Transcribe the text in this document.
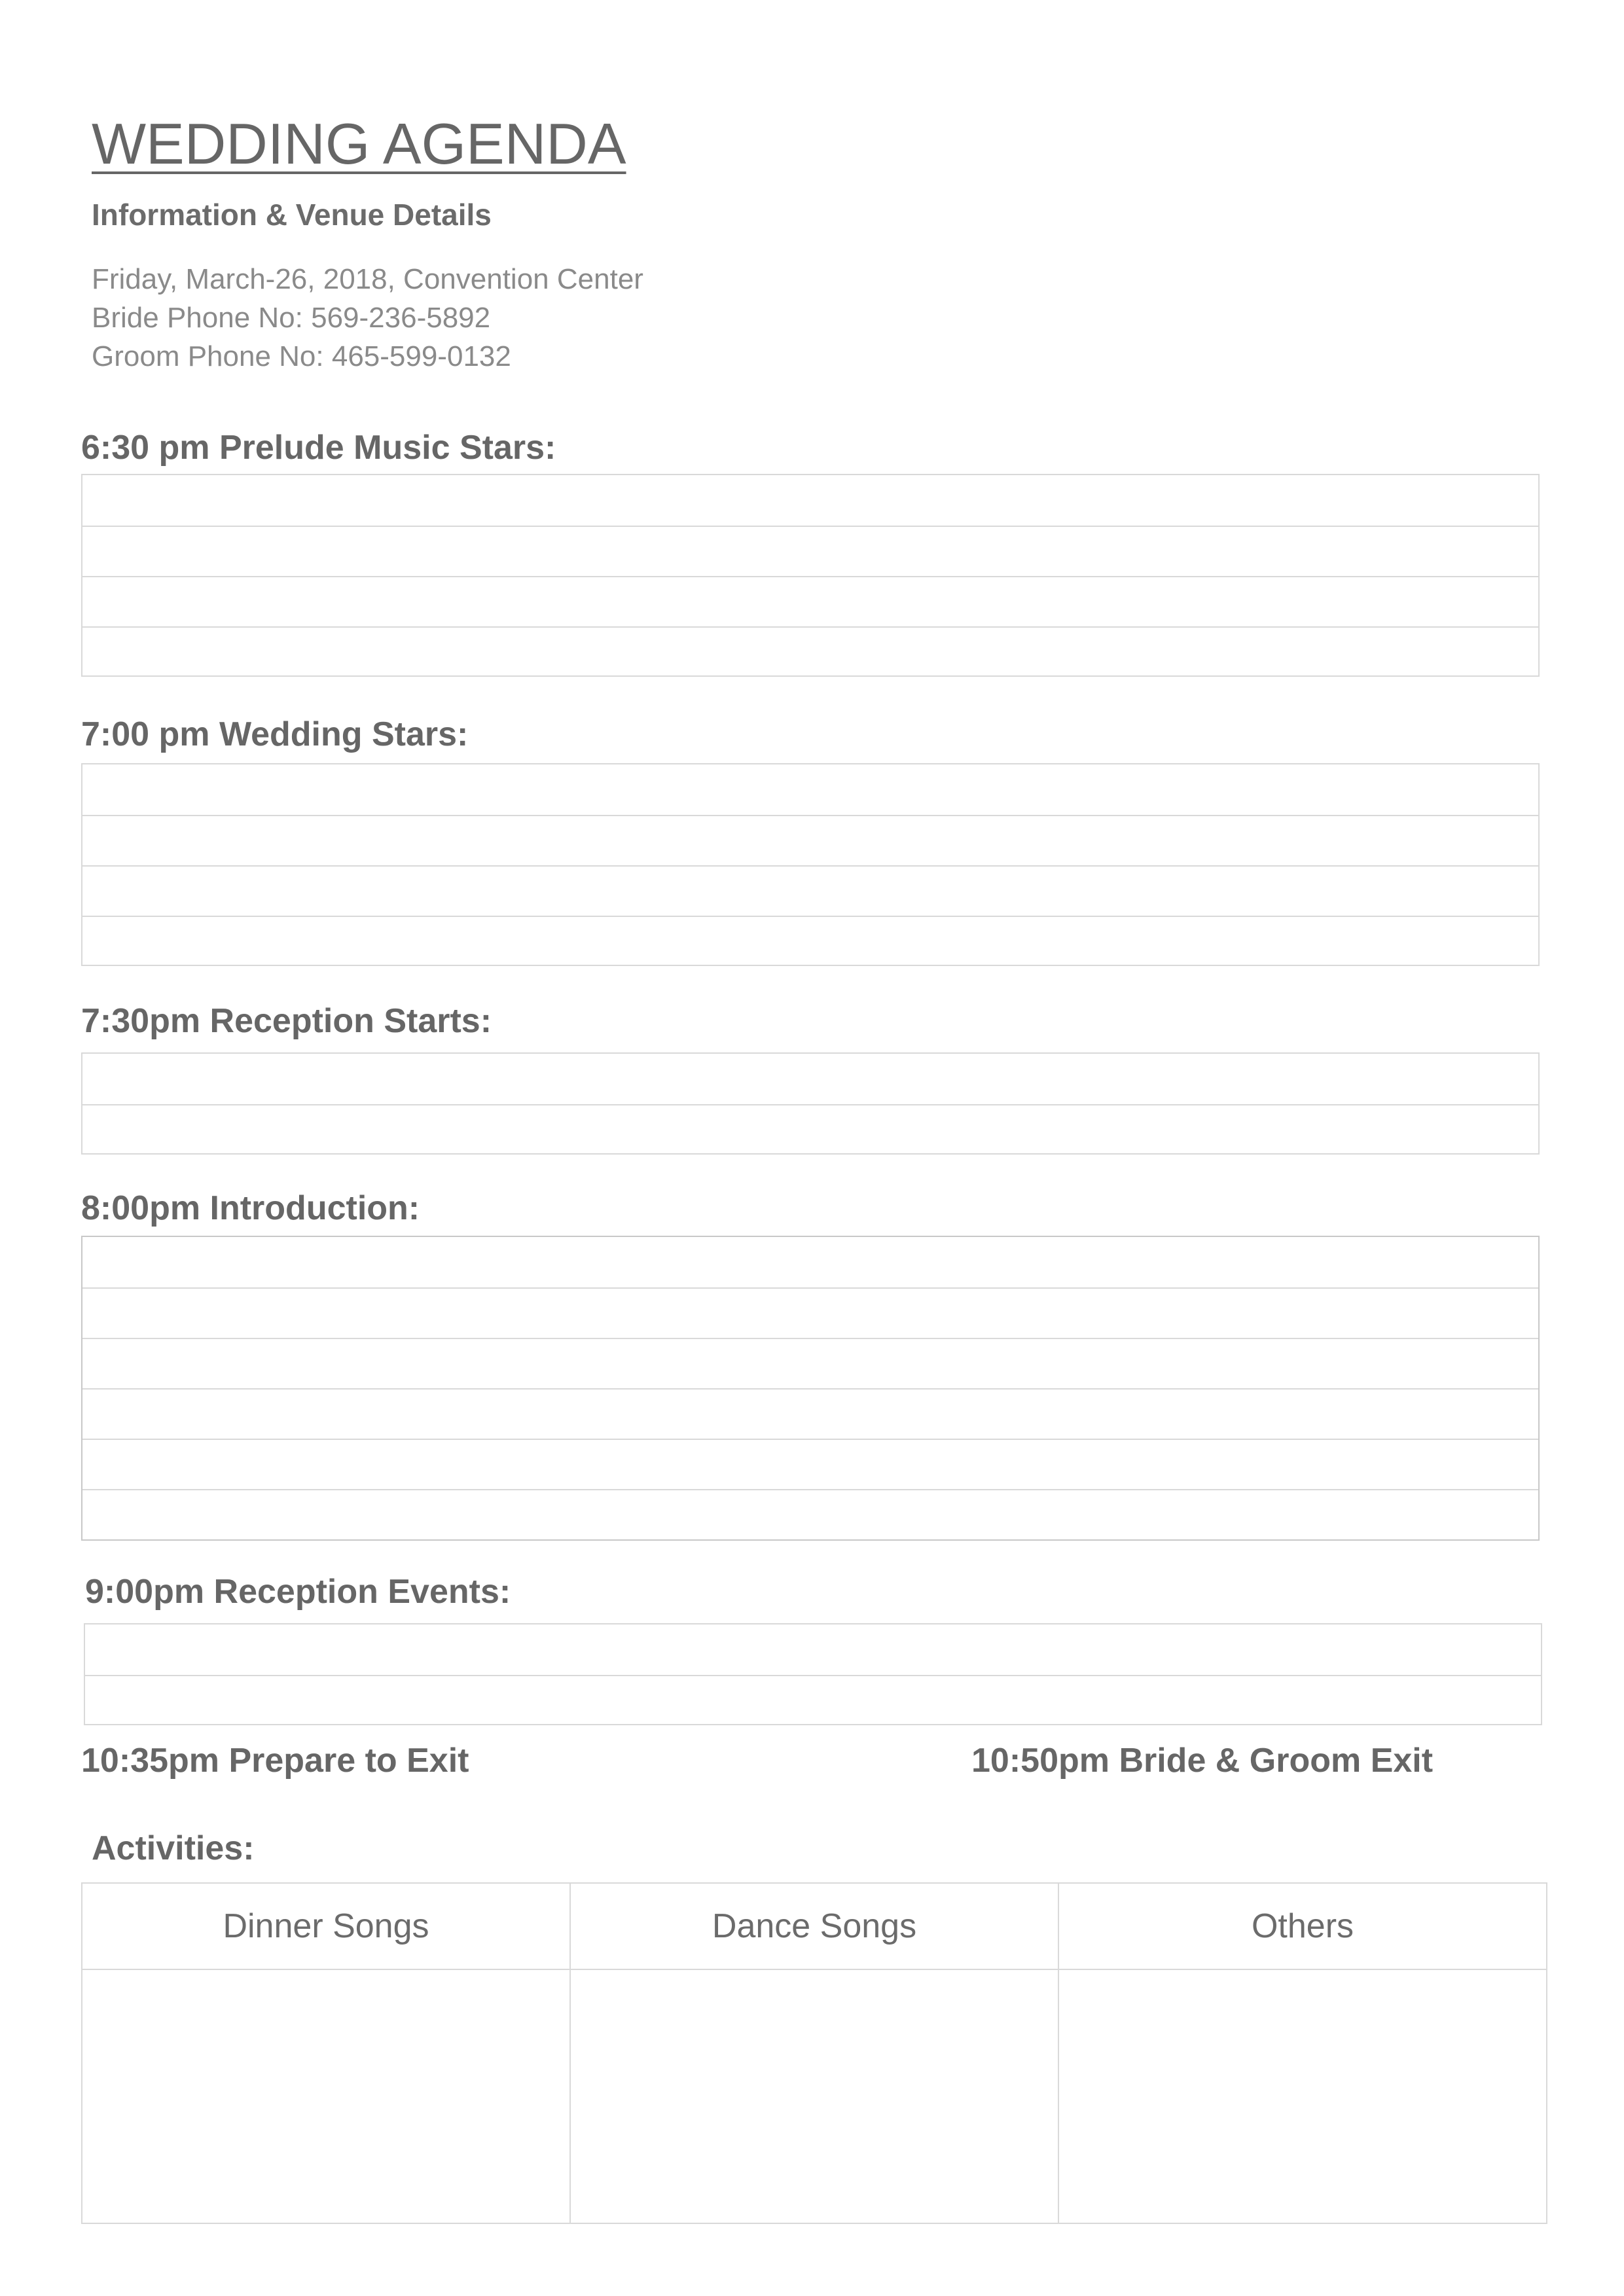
WEDDING AGENDA
Information & Venue Details
Friday, March-26, 2018, Convention Center
Bride Phone No: 569-236-5892
Groom Phone No: 465-599-0132
6:30 pm Prelude Music Stars:
7:00 pm Wedding Stars:
7:30pm Reception Starts:
8:00pm Introduction:
9:00pm Reception Events:
10:35pm Prepare to Exit	10:50pm Bride & Groom Exit
Activities:
Dinner Songs	Dance Songs	Others
